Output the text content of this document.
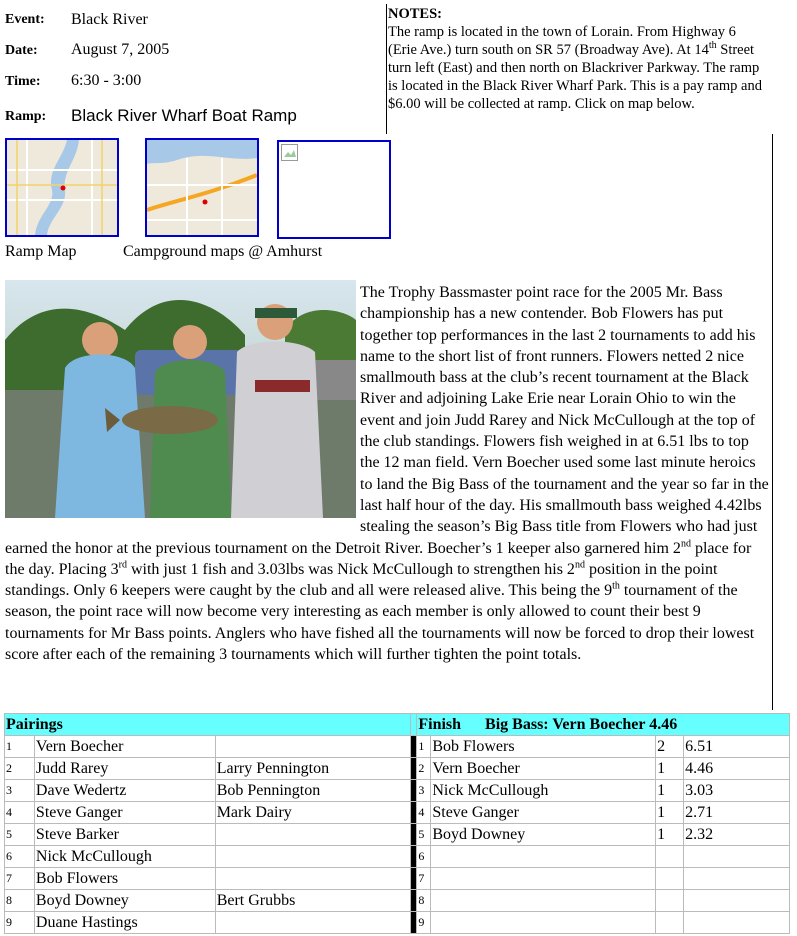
Event: Black River
Date: August 7, 2005
Time: 6:30 - 3:00
Ramp: Black River Wharf Boat Ramp
NOTES:
The ramp is located in the town of Lorain. From Highway 6 (Erie Ave.) turn south on SR 57 (Broadway Ave). At 14th Street turn left (East) and then north on Blackriver Parkway. The ramp is located in the Black River Wharf Park. This is a pay ramp and $6.00 will be collected at ramp. Click on map below.
Ramp Map	Campground maps @ Amhurst
The Trophy Bassmaster point race for the 2005 Mr. Bass championship has a new contender. Bob Flowers has put together top performances in the last 2 tournaments to add his name to the short list of front runners. Flowers netted 2 nice smallmouth bass at the club’s recent tournament at the Black River and adjoining Lake Erie near Lorain Ohio to win the event and join Judd Rarey and Nick McCullough at the top of the club standings. Flowers fish weighed in at 6.51 lbs to top the 12 man field. Vern Boecher used some last minute heroics to land the Big Bass of the tournament and the year so far in the last half hour of the day. His smallmouth bass weighed 4.42lbs stealing the season’s Big Bass title from Flowers who had just earned the honor at the previous tournament on the Detroit River. Boecher’s 1 keeper also garnered him 2nd place for the day. Placing 3rd with just 1 fish and 3.03lbs was Nick McCullough to strengthen his 2nd position in the point standings. Only 6 keepers were caught by the club and all were released alive. This being the 9th tournament of the season, the point race will now become very interesting as each member is only allowed to count their best 9 tournaments for Mr Bass points. Anglers who have fished all the tournaments will now be forced to drop their lowest score after each of the remaining 3 tournaments which will further tighten the point totals.
Pairings				Finish Big Bass: Vern Boecher 4.46			
1	Vern Boecher			1	Bob Flowers	2	6.51
2	Judd Rarey	Larry Pennington		2	Vern Boecher	1	4.46
3	Dave Wedertz	Bob Pennington		3	Nick McCullough	1	3.03
4	Steve Ganger	Mark Dairy		4	Steve Ganger	1	2.71
5	Steve Barker			5	Boyd Downey	1	2.32
6	Nick McCullough			6			
7	Bob Flowers			7			
8	Boyd Downey	Bert Grubbs		8			
9	Duane Hastings			9			
